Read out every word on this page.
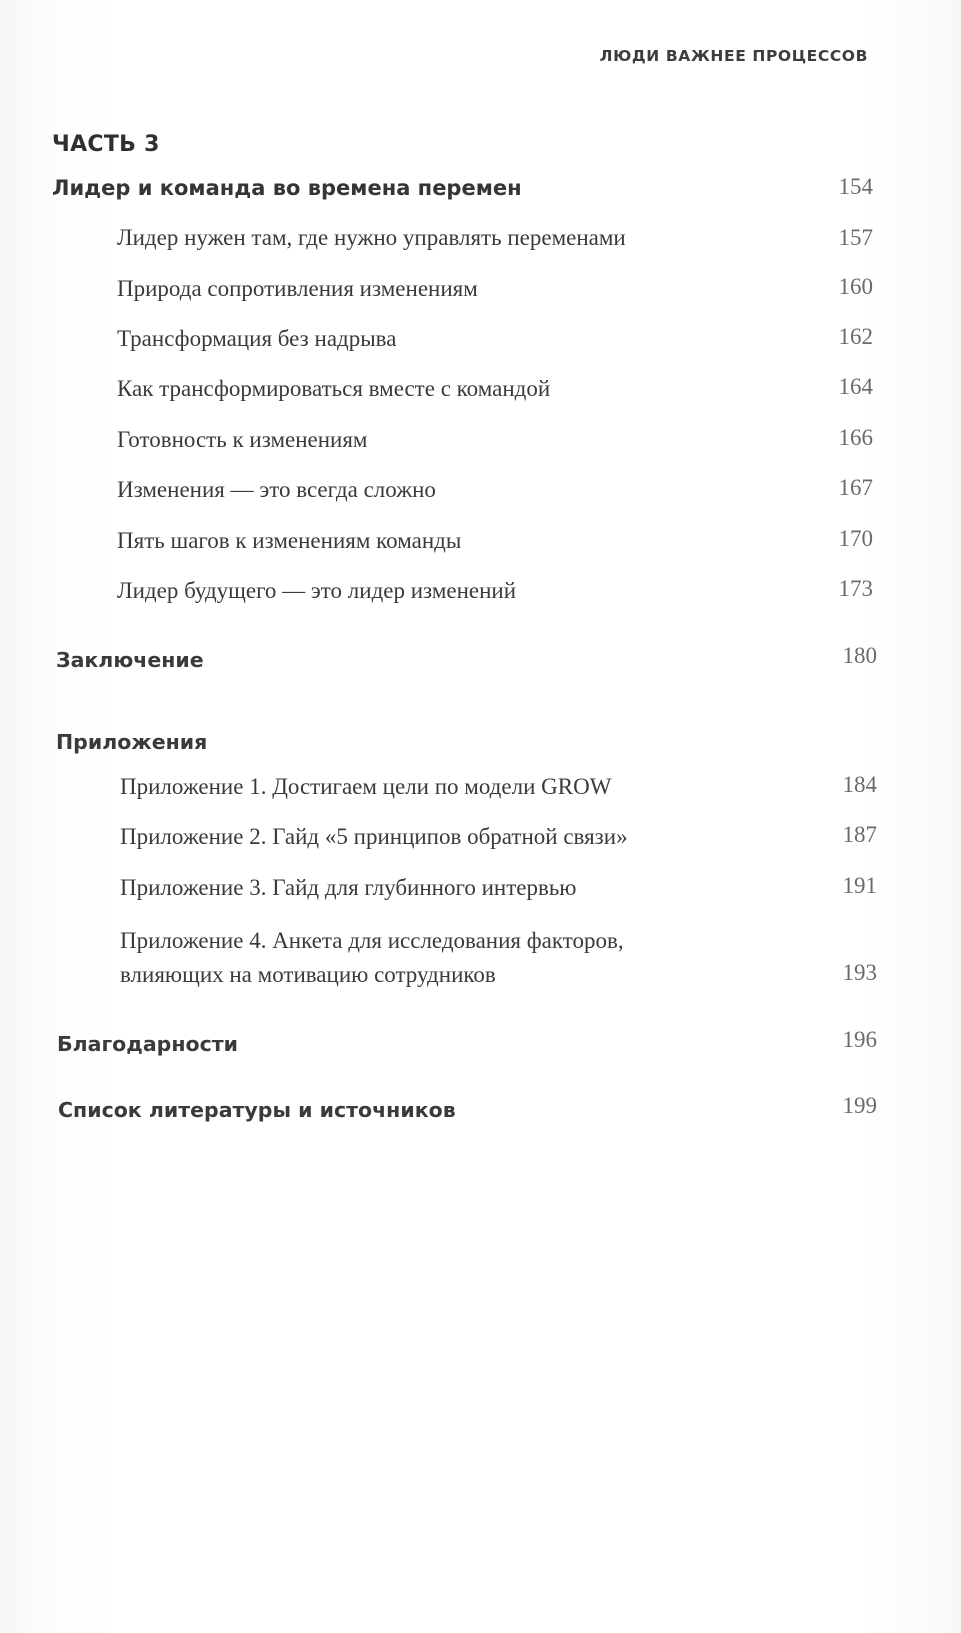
ЛЮДИ ВАЖНЕЕ ПРОЦЕССОВ
ЧАСТЬ 3
Лидер и команда во времена перемен	154
Лидер нужен там, где нужно управлять переменами	157
Природа сопротивления изменениям	160
Трансформация без надрыва	162
Как трансформироваться вместе с командой	164
Готовность к изменениям	166
Изменения — это всегда сложно	167
Пять шагов к изменениям команды	170
Лидер будущего — это лидер изменений	173
Заключение	180
Приложения
Приложение 1. Достигаем цели по модели GROW	184
Приложение 2. Гайд «5 принципов обратной связи»	187
Приложение 3. Гайд для глубинного интервью	191
Приложение 4. Анкета для исследования факторов,
влияющих на мотивацию сотрудников	193
Благодарности	196
Список литературы и источников	199
